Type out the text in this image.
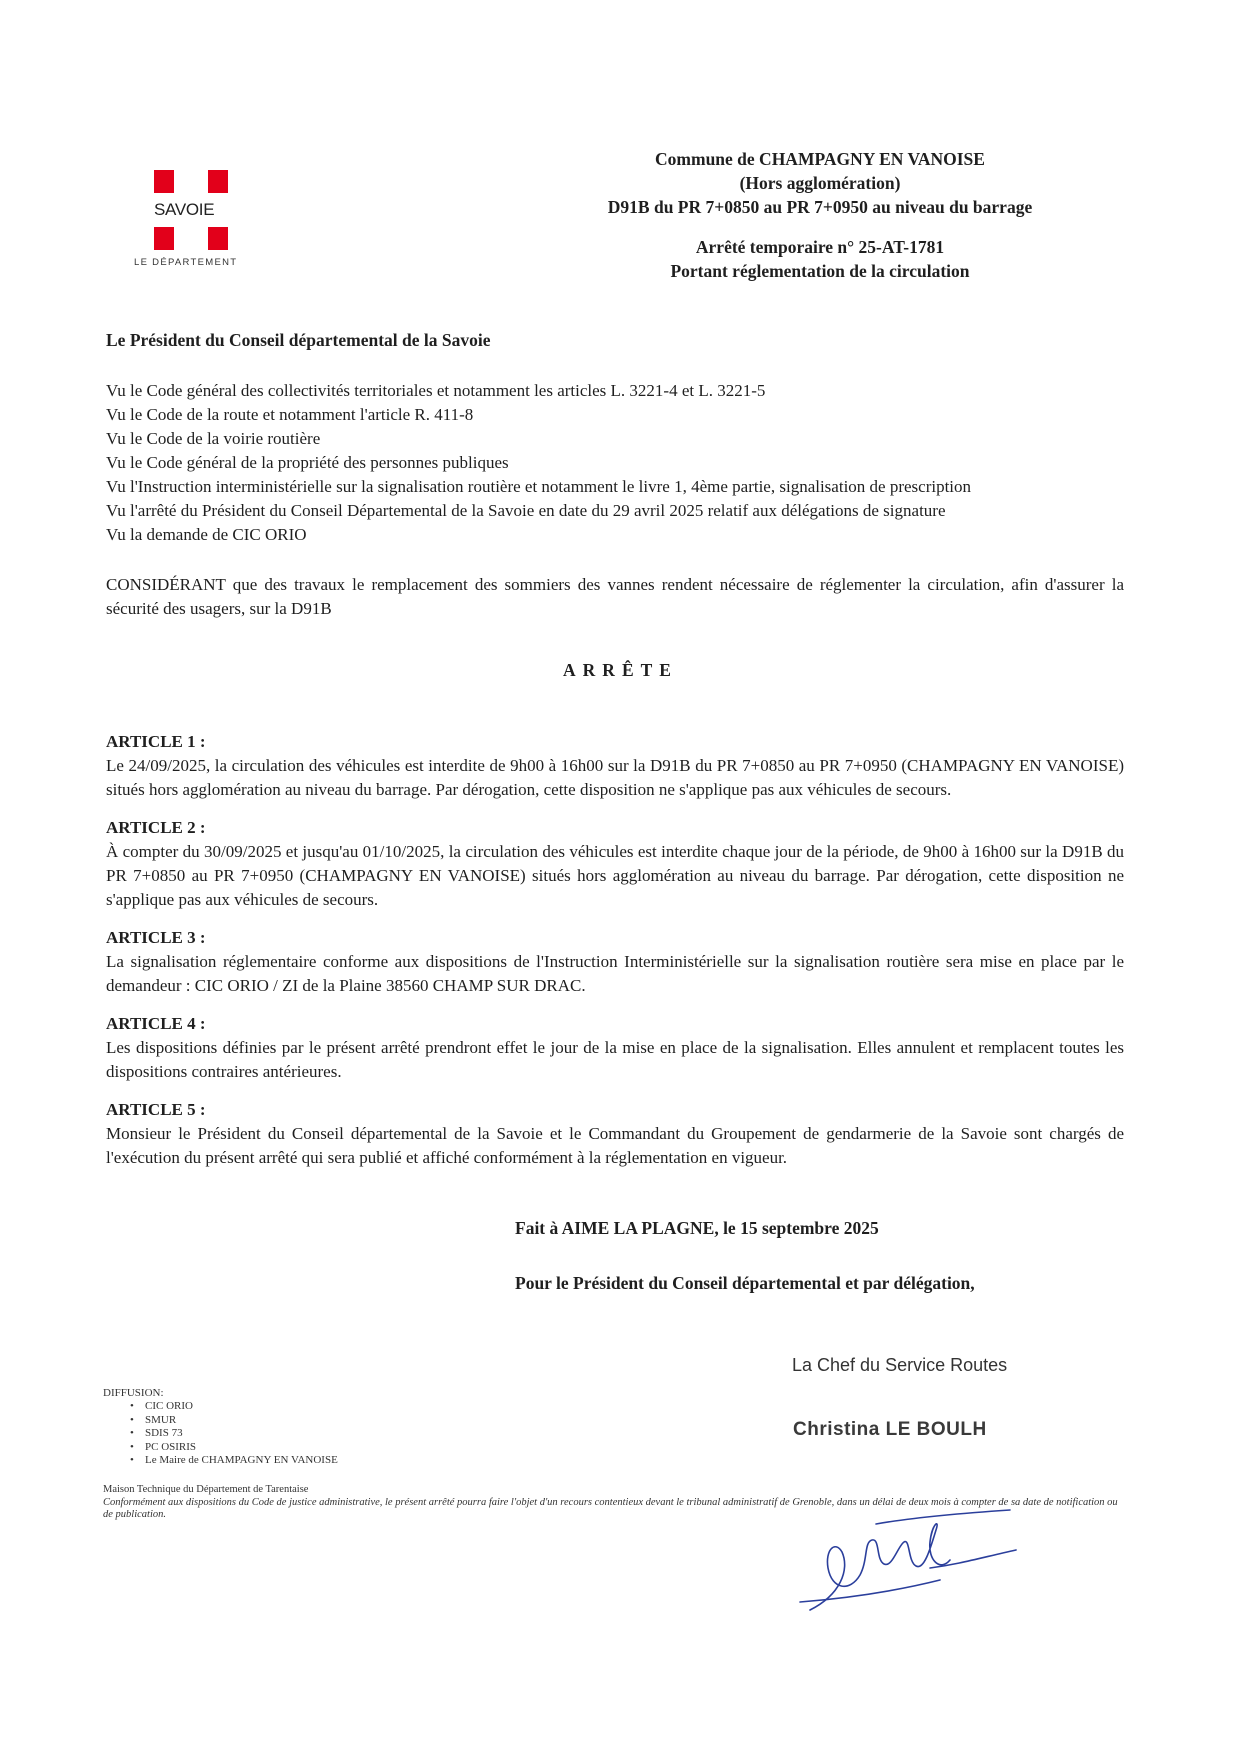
SAVOIE
LE DÉPARTEMENT
Commune de CHAMPAGNY EN VANOISE
(Hors agglomération)
D91B du PR 7+0850 au PR 7+0950 au niveau du barrage
Arrêté temporaire n° 25-AT-1781
Portant réglementation de la circulation
Le Président du Conseil départemental de la Savoie
Vu le Code général des collectivités territoriales et notamment les articles L. 3221-4 et L. 3221-5
Vu le Code de la route et notamment l'article R. 411-8
Vu le Code de la voirie routière
Vu le Code général de la propriété des personnes publiques
Vu l'Instruction interministérielle sur la signalisation routière et notamment le livre 1, 4ème partie, signalisation de prescription
Vu l'arrêté du Président du Conseil Départemental de la Savoie en date du 29 avril 2025 relatif aux délégations de signature
Vu la demande de CIC ORIO
CONSIDÉRANT que des travaux le remplacement des sommiers des vannes rendent nécessaire de réglementer la circulation, afin d'assurer la sécurité des usagers, sur la D91B
ARRÊTE
ARTICLE 1 :
Le 24/09/2025, la circulation des véhicules est interdite de 9h00 à 16h00 sur la D91B du PR 7+0850 au PR 7+0950 (CHAMPAGNY EN VANOISE) situés hors agglomération au niveau du barrage. Par dérogation, cette disposition ne s'applique pas aux véhicules de secours.
ARTICLE 2 :
À compter du 30/09/2025 et jusqu'au 01/10/2025, la circulation des véhicules est interdite chaque jour de la période, de 9h00 à 16h00 sur la D91B du PR 7+0850 au PR 7+0950 (CHAMPAGNY EN VANOISE) situés hors agglomération au niveau du barrage. Par dérogation, cette disposition ne s'applique pas aux véhicules de secours.
ARTICLE 3 :
La signalisation réglementaire conforme aux dispositions de l'Instruction Interministérielle sur la signalisation routière sera mise en place par le demandeur : CIC ORIO / ZI de la Plaine 38560 CHAMP SUR DRAC.
ARTICLE 4 :
Les dispositions définies par le présent arrêté prendront effet le jour de la mise en place de la signalisation. Elles annulent et remplacent toutes les dispositions contraires antérieures.
ARTICLE 5 :
Monsieur le Président du Conseil départemental de la Savoie et le Commandant du Groupement de gendarmerie de la Savoie sont chargés de l'exécution du présent arrêté qui sera publié et affiché conformément à la réglementation en vigueur.
Fait à AIME LA PLAGNE, le 15 septembre 2025
Pour le Président du Conseil départemental et par délégation,
La Chef du Service Routes
Christina LE BOULH
DIFFUSION:
• CIC ORIO
• SMUR
• SDIS 73
• PC OSIRIS
• Le Maire de CHAMPAGNY EN VANOISE
Maison Technique du Département de Tarentaise
Conformément aux dispositions du Code de justice administrative, le présent arrêté pourra faire l'objet d'un recours contentieux devant le tribunal administratif de Grenoble, dans un délai de deux mois à compter de sa date de notification ou de publication.
